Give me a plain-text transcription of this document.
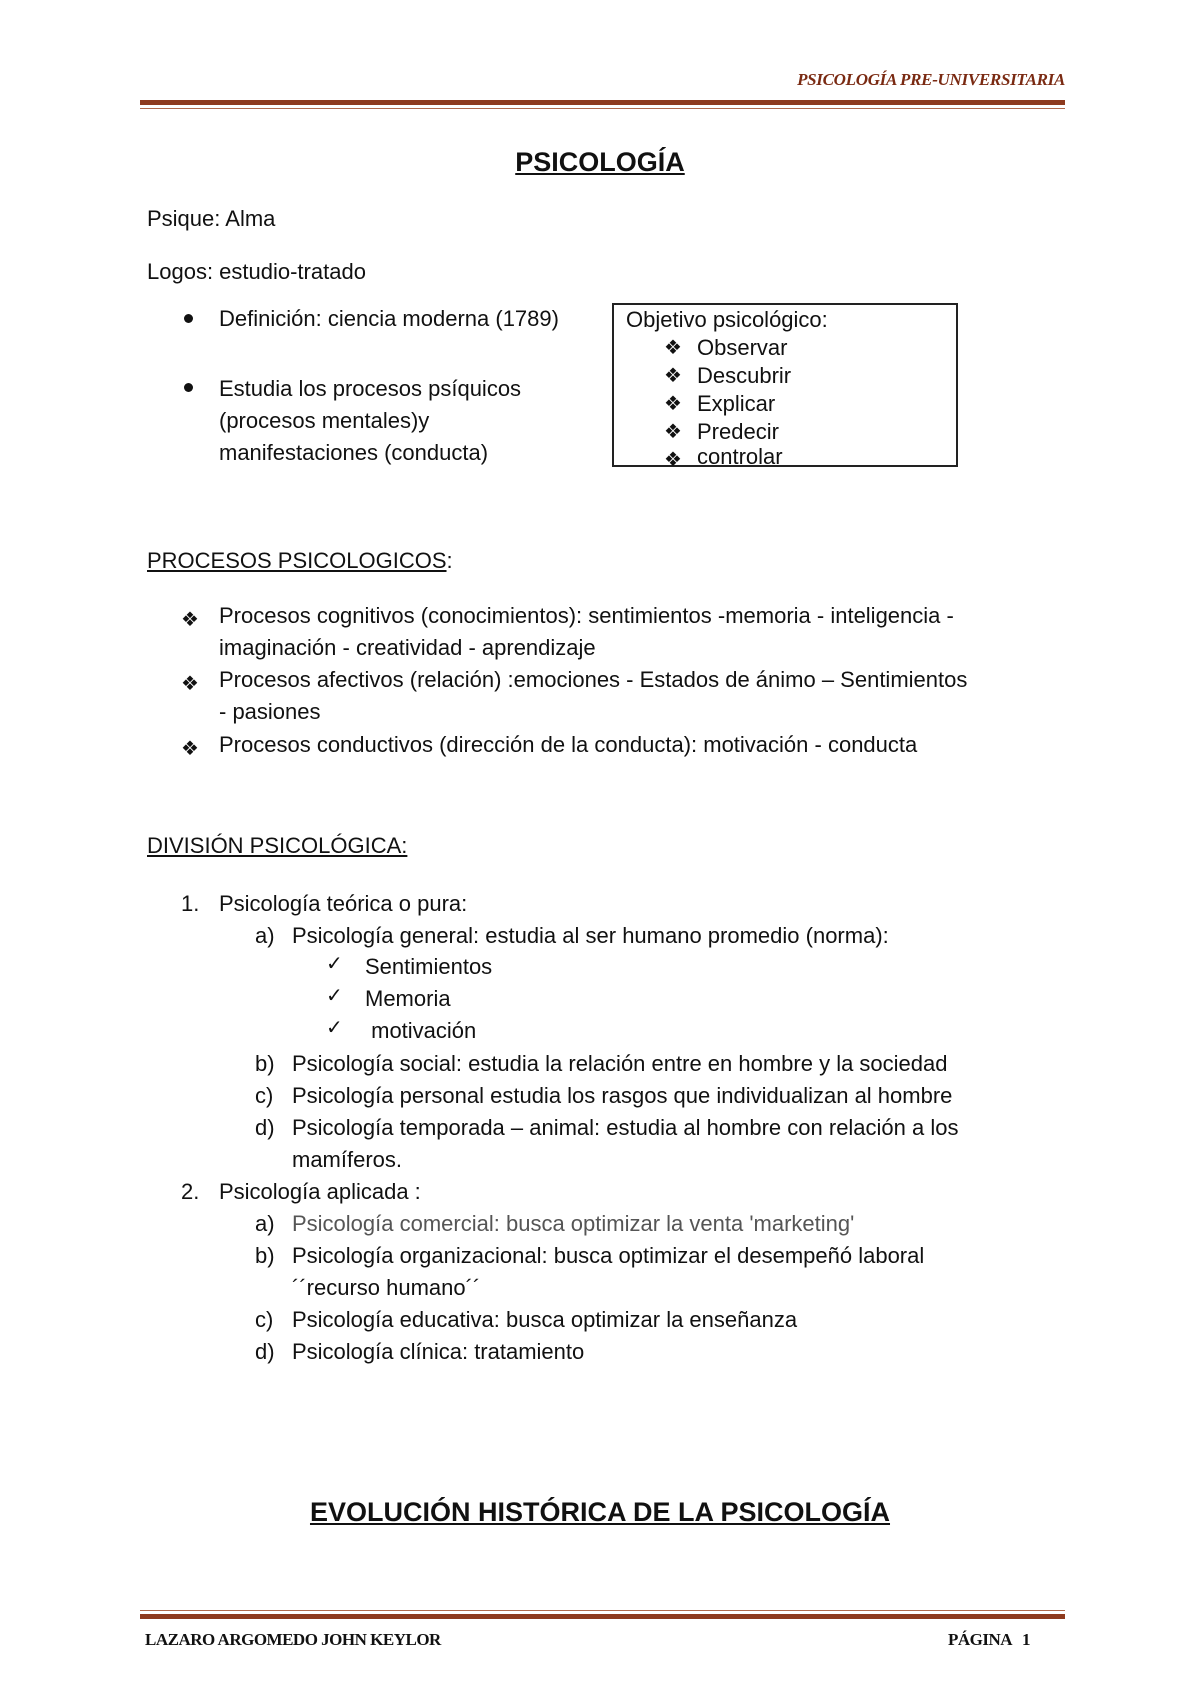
PSICOLOGÍA PRE-UNIVERSITARIA
PSICOLOGÍA
Psique: Alma
Logos: estudio-tratado
Definición: ciencia moderna (1789)
Estudia los procesos psíquicos
(procesos mentales)y
manifestaciones (conducta)
Objetivo psicológico:
❖ Observar
❖ Descubrir
❖ Explicar
❖ Predecir
❖ controlar
PROCESOS PSICOLOGICOS:
❖ Procesos cognitivos (conocimientos): sentimientos -memoria - inteligencia -
imaginación - creatividad - aprendizaje
❖ Procesos afectivos (relación) :emociones - Estados de ánimo – Sentimientos
- pasiones
❖ Procesos conductivos (dirección de la conducta): motivación - conducta
DIVISIÓN PSICOLÓGICA:
1. Psicología teórica o pura:
a) Psicología general: estudia al ser humano promedio (norma):
✓ Sentimientos
✓ Memoria
✓ motivación
b) Psicología social: estudia la relación entre en hombre y la sociedad
c) Psicología personal estudia los rasgos que individualizan al hombre
d) Psicología temporada – animal: estudia al hombre con relación a los
mamíferos.
2. Psicología aplicada :
a) Psicología comercial: busca optimizar la venta 'marketing'
b) Psicología organizacional: busca optimizar el desempeñó laboral
´´recurso humano´´
c) Psicología educativa: busca optimizar la enseñanza
d) Psicología clínica: tratamiento
EVOLUCIÓN HISTÓRICA DE LA PSICOLOGÍA
LAZARO ARGOMEDO JOHN KEYLOR	PÁGINA 1
